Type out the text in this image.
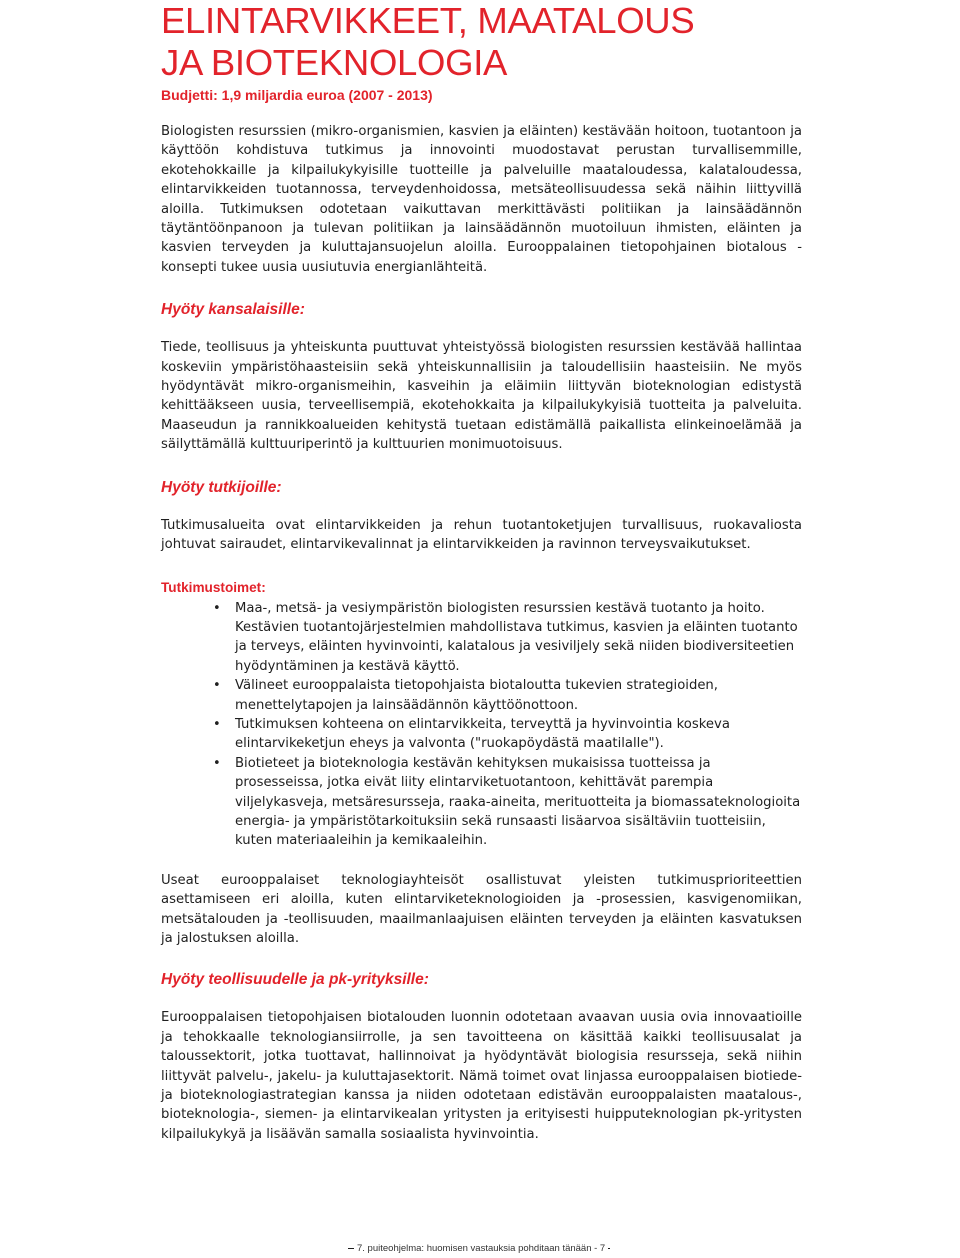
ELINTARVIKKEET, MAATALOUS
JA BIOTEKNOLOGIA
Budjetti: 1,9 miljardia euroa (2007 - 2013)

Biologisten resurssien (mikro-organismien, kasvien ja eläinten) kestävään hoitoon, tuotantoon ja käyttöön kohdistuva tutkimus ja innovointi muodostavat perustan turvallisemmille, ekotehokkaille ja kilpailukykyisille tuotteille ja palveluille maataloudessa, kalataloudessa, elintarvikkeiden tuotannossa, terveydenhoidossa, metsäteollisuudessa sekä näihin liittyvillä aloilla. Tutkimuksen odotetaan vaikuttavan merkittävästi politiikan ja lainsäädännön täytäntöönpanoon ja tulevan politiikan ja lainsäädännön muotoiluun ihmisten, eläinten ja kasvien terveyden ja kuluttajansuojelun aloilla. Eurooppalainen tietopohjainen biotalous -konsepti tukee uusia uusiutuvia energianlähteitä.

Hyöty kansalaisille:

Tiede, teollisuus ja yhteiskunta puuttuvat yhteistyössä biologisten resurssien kestävää hallintaa koskeviin ympäristöhaasteisiin sekä yhteiskunnallisiin ja taloudellisiin haasteisiin. Ne myös hyödyntävät mikro-organismeihin, kasveihin ja eläimiin liittyvän bioteknologian edistystä kehittääkseen uusia, terveellisempiä, ekotehokkaita ja kilpailukykyisiä tuotteita ja palveluita. Maaseudun ja rannikkoalueiden kehitystä tuetaan edistämällä paikallista elinkeinoelämää ja säilyttämällä kulttuuriperintö ja kulttuurien monimuotoisuus.

Hyöty tutkijoille:

Tutkimusalueita ovat elintarvikkeiden ja rehun tuotantoketjujen turvallisuus, ruokavaliosta johtuvat sairaudet, elintarvikevalinnat ja elintarvikkeiden ja ravinnon terveysvaikutukset.

Tutkimustoimet:
• Maa-, metsä- ja vesiympäristön biologisten resurssien kestävä tuotanto ja hoito. Kestävien tuotantojärjestelmien mahdollistava tutkimus, kasvien ja eläinten tuotanto ja terveys, eläinten hyvinvointi, kalatalous ja vesiviljely sekä niiden biodiversiteetien hyödyntäminen ja kestävä käyttö.
• Välineet eurooppalaista tietopohjaista biotaloutta tukevien strategioiden, menettelytapojen ja lainsäädännön käyttöönottoon.
• Tutkimuksen kohteena on elintarvikkeita, terveyttä ja hyvinvointia koskeva elintarvikeketjun eheys ja valvonta ("ruokapöydästä maatilalle").
• Biotieteet ja bioteknologia kestävän kehityksen mukaisissa tuotteissa ja prosesseissa, jotka eivät liity elintarviketuotantoon, kehittävät parempia viljelykasveja, metsäresursseja, raaka-aineita, merituotteita ja biomassateknologioita energia- ja ympäristötarkoituksiin sekä runsaasti lisäarvoa sisältäviin tuotteisiin, kuten materiaaleihin ja kemikaaleihin.

Useat eurooppalaiset teknologiayhteisöt osallistuvat yleisten tutkimusprioriteettien asettamiseen eri aloilla, kuten elintarviketeknologioiden ja -prosessien, kasvigenomiikan, metsätalouden ja -teollisuuden, maailmanlaajuisen eläinten terveyden ja eläinten kasvatuksen ja jalostuksen aloilla.

Hyöty teollisuudelle ja pk-yrityksille:

Eurooppalaisen tietopohjaisen biotalouden luonnin odotetaan avaavan uusia ovia innovaatioille ja tehokkaalle teknologiansiirrolle, ja sen tavoitteena on käsittää kaikki teollisuusalat ja taloussektorit, jotka tuottavat, hallinnoivat ja hyödyntävät biologisia resursseja, sekä niihin liittyvät palvelu-, jakelu- ja kuluttajasektorit. Nämä toimet ovat linjassa eurooppalaisen biotiede- ja bioteknologiastrategian kanssa ja niiden odotetaan edistävän eurooppalaisten maatalous-, bioteknologia-, siemen- ja elintarvikealan yritysten ja erityisesti huipputeknologian pk-yritysten kilpailukykyä ja lisäävän samalla sosiaalista hyvinvointia.

7. puiteohjelma: huomisen vastauksia pohditaan tänään - 7
